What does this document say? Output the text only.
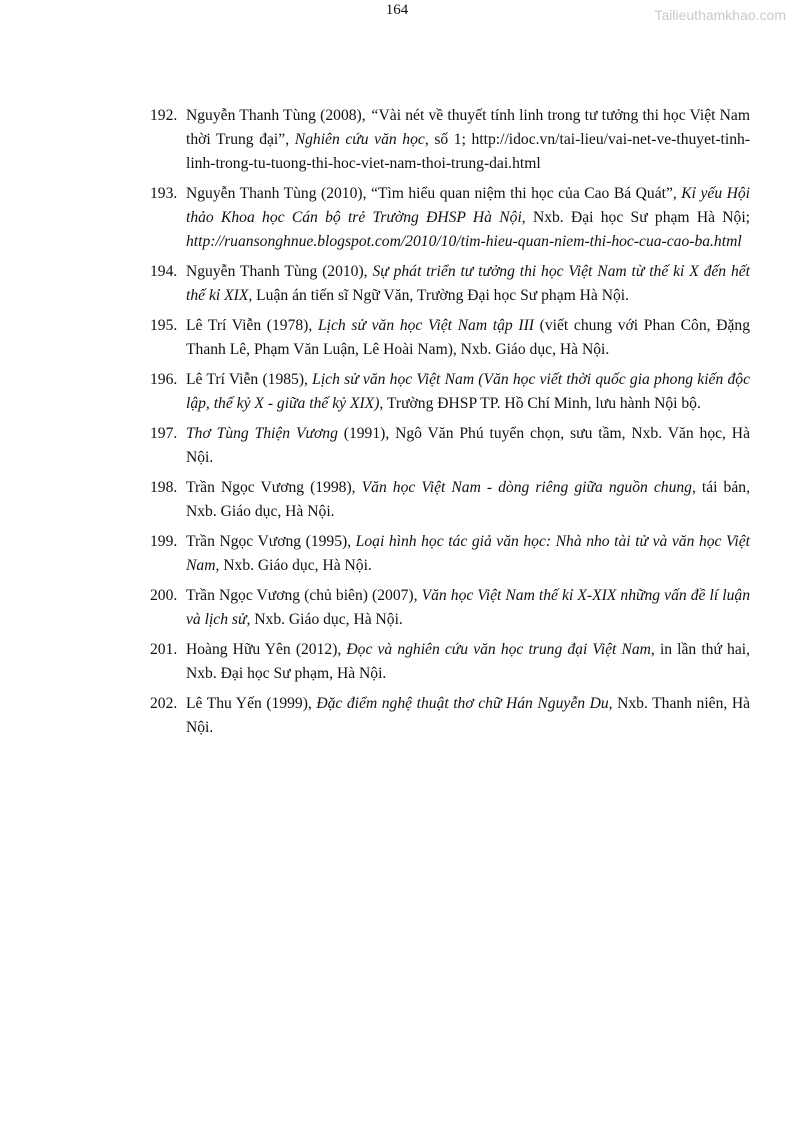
164	Tailieuthamkhao.com
192. Nguyễn Thanh Tùng (2008), “Vài nét về thuyết tính linh trong tư tưởng thi học Việt Nam thời Trung đại”, Nghiên cứu văn học, số 1; http://idoc.vn/tai-lieu/vai-net-ve-thuyet-tinh-linh-trong-tu-tuong-thi-hoc-viet-nam-thoi-trung-dai.html
193. Nguyễn Thanh Tùng (2010), “Tìm hiểu quan niệm thi học của Cao Bá Quát”, Kỉ yếu Hội thảo Khoa học Cán bộ trẻ Trường ĐHSP Hà Nội, Nxb. Đại học Sư phạm Hà Nội; http://ruansonghnue.blogspot.com/2010/10/tim-hieu-quan-niem-thi-hoc-cua-cao-ba.html
194. Nguyễn Thanh Tùng (2010), Sự phát triển tư tưởng thi học Việt Nam từ thế kỉ X đến hết thế kỉ XIX, Luận án tiến sĩ Ngữ Văn, Trường Đại học Sư phạm Hà Nội.
195. Lê Trí Viễn (1978), Lịch sử văn học Việt Nam tập III (viết chung với Phan Côn, Đặng Thanh Lê, Phạm Văn Luận, Lê Hoài Nam), Nxb. Giáo dục, Hà Nội.
196. Lê Trí Viễn (1985), Lịch sử văn học Việt Nam (Văn học viết thời quốc gia phong kiến độc lập, thế kỷ X - giữa thế kỷ XIX), Trường ĐHSP TP. Hồ Chí Minh, lưu hành Nội bộ.
197. Thơ Tùng Thiện Vương (1991), Ngô Văn Phú tuyển chọn, sưu tầm, Nxb. Văn học, Hà Nội.
198. Trần Ngọc Vương (1998), Văn học Việt Nam - dòng riêng giữa nguồn chung, tái bản, Nxb. Giáo dục, Hà Nội.
199. Trần Ngọc Vương (1995), Loại hình học tác giả văn học: Nhà nho tài tử và văn học Việt Nam, Nxb. Giáo dục, Hà Nội.
200. Trần Ngọc Vương (chủ biên) (2007), Văn học Việt Nam thế kỉ X-XIX những vấn đề lí luận và lịch sử, Nxb. Giáo dục, Hà Nội.
201. Hoàng Hữu Yên (2012), Đọc và nghiên cứu văn học trung đại Việt Nam, in lần thứ hai, Nxb. Đại học Sư phạm, Hà Nội.
202. Lê Thu Yến (1999), Đặc điểm nghệ thuật thơ chữ Hán Nguyễn Du, Nxb. Thanh niên, Hà Nội.
